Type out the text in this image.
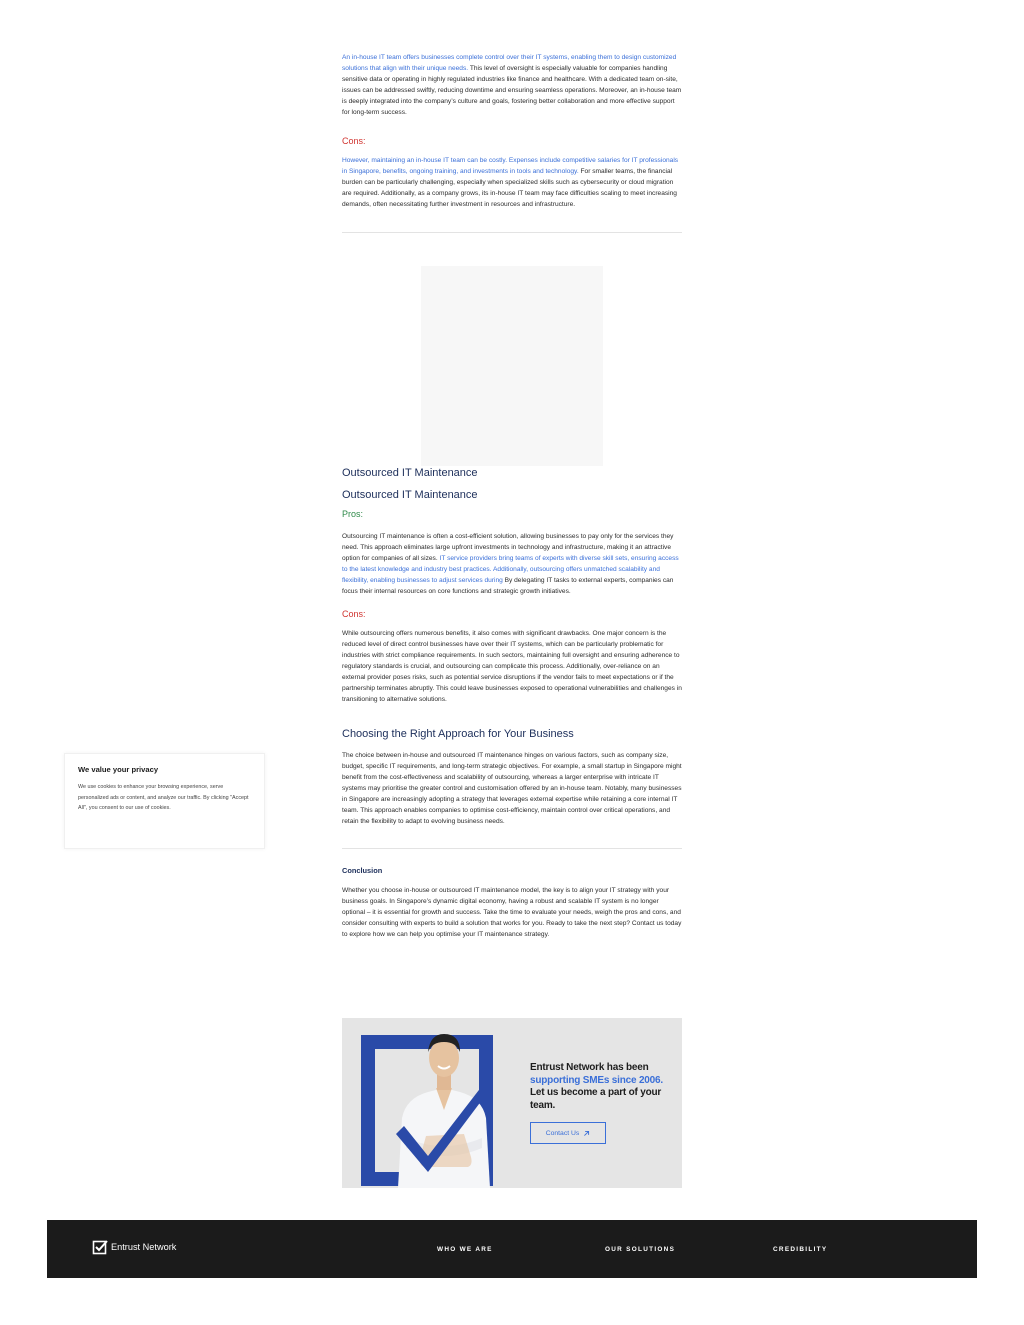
An in-house IT team offers businesses complete control over their IT systems, enabling them to design customized solutions that align with their unique needs. This level of oversight is especially valuable for companies handling sensitive data or operating in highly regulated industries like finance and healthcare. With a dedicated team on-site, issues can be addressed swiftly, reducing downtime and ensuring seamless operations. Moreover, an in-house team is deeply integrated into the company’s culture and goals, fostering better collaboration and more effective support for long-term success.

Cons:

However, maintaining an in-house IT team can be costly. Expenses include competitive salaries for IT professionals in Singapore, benefits, ongoing training, and investments in tools and technology. For smaller teams, the financial burden can be particularly challenging, especially when specialized skills such as cybersecurity or cloud migration are required. Additionally, as a company grows, its in-house IT team may face difficulties scaling to meet increasing demands, often necessitating further investment in resources and infrastructure.

Outsourced IT Maintenance
Outsourced IT Maintenance
Pros:

Outsourcing IT maintenance is often a cost-efficient solution, allowing businesses to pay only for the services they need. This approach eliminates large upfront investments in technology and infrastructure, making it an attractive option for companies of all sizes. IT service providers bring teams of experts with diverse skill sets, ensuring access to the latest knowledge and industry best practices. Additionally, outsourcing offers unmatched scalability and flexibility, enabling businesses to adjust services during By delegating IT tasks to external experts, companies can focus their internal resources on core functions and strategic growth initiatives.

Cons:

While outsourcing offers numerous benefits, it also comes with significant drawbacks. One major concern is the reduced level of direct control businesses have over their IT systems, which can be particularly problematic for industries with strict compliance requirements. In such sectors, maintaining full oversight and ensuring adherence to regulatory standards is crucial, and outsourcing can complicate this process. Additionally, over-reliance on an external provider poses risks, such as potential service disruptions if the vendor fails to meet expectations or if the partnership terminates abruptly. This could leave businesses exposed to operational vulnerabilities and challenges in transitioning to alternative solutions.

Choosing the Right Approach for Your Business

The choice between in-house and outsourced IT maintenance hinges on various factors, such as company size, budget, specific IT requirements, and long-term strategic objectives. For example, a small startup in Singapore might benefit from the cost-effectiveness and scalability of outsourcing, whereas a larger enterprise with intricate IT systems may prioritise the greater control and customisation offered by an in-house team. Notably, many businesses in Singapore are increasingly adopting a strategy that leverages external expertise while retaining a core internal IT team. This approach enables companies to optimise cost-efficiency, maintain control over critical operations, and retain the flexibility to adapt to evolving business needs.

Conclusion

Whether you choose in-house or outsourced IT maintenance model, the key is to align your IT strategy with your business goals. In Singapore’s dynamic digital economy, having a robust and scalable IT system is no longer optional – it is essential for growth and success. Take the time to evaluate your needs, weigh the pros and cons, and consider consulting with experts to build a solution that works for you. Ready to take the next step? Contact us today to explore how we can help you optimise your IT maintenance strategy.

Entrust Network has been supporting SMEs since 2006. Let us become a part of your team.
Contact Us
We value your privacy
We use cookies to enhance your browsing experience, serve personalized ads or content, and analyze our traffic. By clicking "Accept All", you consent to our use of cookies.
Entrust Network	WHO WE ARE	OUR SOLUTIONS	CREDIBILITY
